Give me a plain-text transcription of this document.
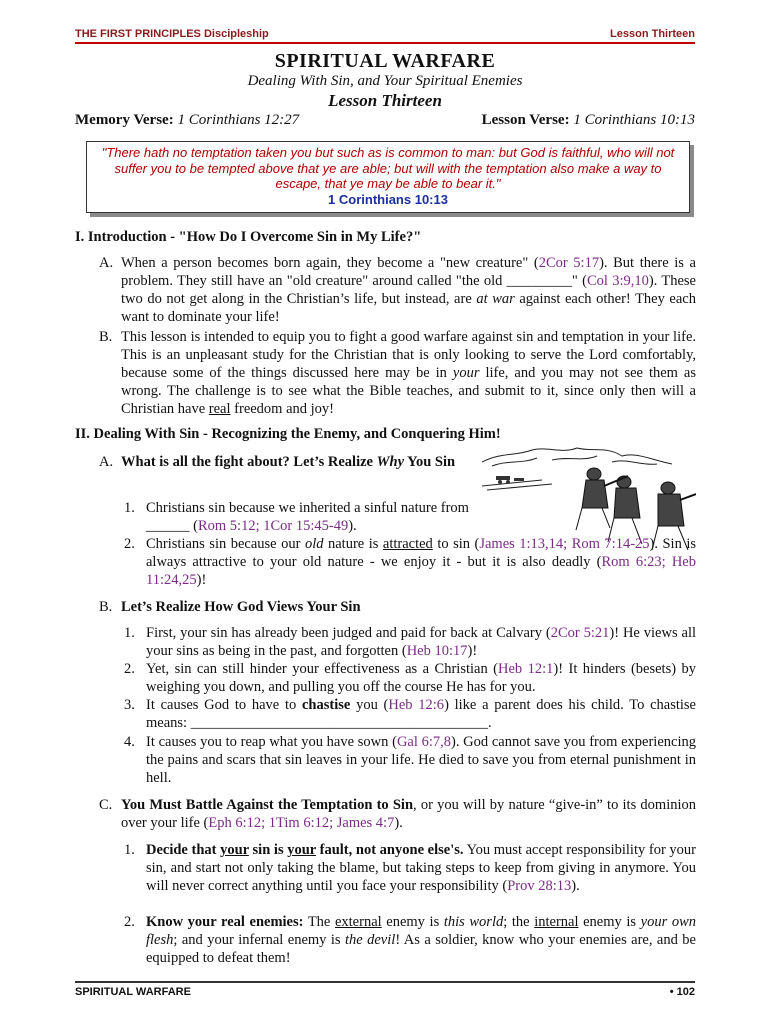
THE FIRST PRINCIPLES Discipleship	Lesson Thirteen
SPIRITUAL WARFARE
Dealing With Sin, and Your Spiritual Enemies
Lesson Thirteen
Memory Verse: 1 Corinthians 12:27	Lesson Verse: 1 Corinthians 10:13
"There hath no temptation taken you but such as is common to man: but God is faithful, who will not suffer you to be tempted above that ye are able; but will with the temptation also make a way to escape, that ye may be able to bear it."
1 Corinthians 10:13
I. Introduction - "How Do I Overcome Sin in My Life?"
A. When a person becomes born again, they become a "new creature" (2Cor 5:17). But there is a problem. They still have an "old creature" around called "the old _________" (Col 3:9,10). These two do not get along in the Christian’s life, but instead, are at war against each other! They each want to dominate your life!
B. This lesson is intended to equip you to fight a good warfare against sin and temptation in your life. This is an unpleasant study for the Christian that is only looking to serve the Lord comfortably, because some of the things discussed here may be in your life, and you may not see them as wrong. The challenge is to see what the Bible teaches, and submit to it, since only then will a Christian have real freedom and joy!
II. Dealing With Sin - Recognizing the Enemy, and Conquering Him!
A. What is all the fight about? Let’s Realize Why You Sin
1. Christians sin because we inherited a sinful nature from ______ (Rom 5:12; 1Cor 15:45-49).
2. Christians sin because our old nature is attracted to sin (James 1:13,14; Rom 7:14-25). Sin is always attractive to your old nature - we enjoy it - but it is also deadly (Rom 6:23; Heb 11:24,25)!
B. Let’s Realize How God Views Your Sin
1. First, your sin has already been judged and paid for back at Calvary (2Cor 5:21)! He views all your sins as being in the past, and forgotten (Heb 10:17)!
2. Yet, sin can still hinder your effectiveness as a Christian (Heb 12:1)! It hinders (besets) by weighing you down, and pulling you off the course He has for you.
3. It causes God to have to chastise you (Heb 12:6) like a parent does his child. To chastise means: _________________________________________.
4. It causes you to reap what you have sown (Gal 6:7,8). God cannot save you from experiencing the pains and scars that sin leaves in your life. He died to save you from eternal punishment in hell.
C. You Must Battle Against the Temptation to Sin, or you will by nature “give-in” to its dominion over your life (Eph 6:12; 1Tim 6:12; James 4:7).
1. Decide that your sin is your fault, not anyone else's. You must accept responsibility for your sin, and start not only taking the blame, but taking steps to keep from giving in anymore. You will never correct anything until you face your responsibility (Prov 28:13).
2. Know your real enemies: The external enemy is this world; the internal enemy is your own flesh; and your infernal enemy is the devil! As a soldier, know who your enemies are, and be equipped to defeat them!
SPIRITUAL WARFARE	• 102
